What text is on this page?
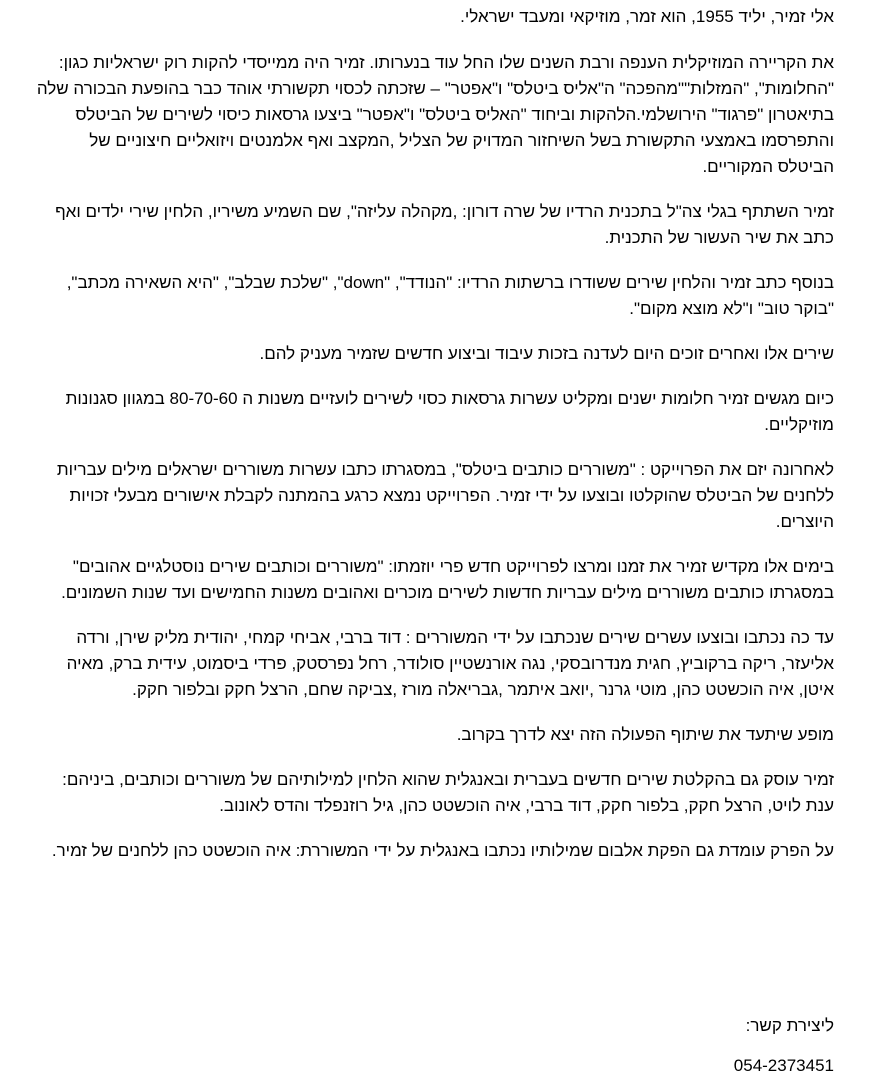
אלי זמיר, יליד 1955, הוא זמר, מוזיקאי ומעבד ישראלי.

את הקריירה המוזיקלית הענפה ורבת השנים שלו החל עוד בנערותו. זמיר היה ממייסדי להקות רוק ישראליות כגון: "החלומות", "המזלות""מהפכה" ה"אליס ביטלס" ו"אפטר" – שזכתה לכסוי תקשורתי אוהד כבר בהופעת הבכורה שלה בתיאטרון "פרגוד" הירושלמי.הלהקות וביחוד "האליס ביטלס" ו"אפטר" ביצעו גרסאות כיסוי לשירים של הביטלס והתפרסמו באמצעי התקשורת בשל השיחזור המדויק של הצליל ,המקצב ואף אלמנטים ויזואליים חיצוניים של הביטלס המקוריים.

זמיר השתתף בגלי צה"ל בתכנית הרדיו של שרה דורון: ,מקהלה עליזה", שם השמיע משיריו, הלחין שירי ילדים ואף כתב את שיר העשור של התכנית.

בנוסף כתב זמיר והלחין שירים ששודרו ברשתות הרדיו: "הנודד", "down", "שלכת שבלב", "היא השאירה מכתב", "בוקר טוב" ו"לא מוצא מקום".

שירים אלו ואחרים זוכים היום לעדנה בזכות עיבוד וביצוע חדשים שזמיר מעניק להם.

כיום מגשים זמיר חלומות ישנים ומקליט עשרות גרסאות כסוי לשירים לועזיים משנות ה 80-70-60 במגוון סגנונות מוזיקליים.

לאחרונה יזם את הפרוייקט : "משוררים כותבים ביטלס", במסגרתו כתבו עשרות משוררים ישראלים מילים עבריות ללחנים של הביטלס שהוקלטו ובוצעו על ידי זמיר. הפרוייקט נמצא כרגע בהמתנה לקבלת אישורים מבעלי זכויות היוצרים.

בימים אלו מקדיש זמיר את זמנו ומרצו לפרוייקט חדש פרי יוזמתו: "משוררים וכותבים שירים נוסטלגיים אהובים" במסגרתו כותבים משוררים מילים עבריות חדשות לשירים מוכרים ואהובים משנות החמישים ועד שנות השמונים.

עד כה נכתבו ובוצעו עשרים שירים שנכתבו על ידי המשוררים : דוד ברבי, אביחי קמחי, יהודית מליק שירן, ורדה אליעזר, ריקה ברקוביץ, חגית מנדרובסקי, נגה אורנשטיין סולודר, רחל נפרסטק, פרדי ביסמוט, עידית ברק, מאיה איטן, איה הוכשטט כהן, מוטי גרנר ,יואב איתמר ,גבריאלה מורז ,צביקה שחם, הרצל חקק ובלפור חקק.

מופע שיתעד את שיתוף הפעולה הזה יצא לדרך בקרוב.

זמיר עוסק גם בהקלטת שירים חדשים בעברית ובאנגלית שהוא הלחין למילותיהם של משוררים וכותבים, ביניהם: ענת לויט, הרצל חקק, בלפור חקק, דוד ברבי, איה הוכשטט כהן, גיל רוזנפלד והדס לאונוב.

על הפרק עומדת גם הפקת אלבום שמילותיו נכתבו באנגלית על ידי המשוררת: איה הוכשטט כהן ללחנים של זמיר.

ליצירת קשר:
054-2373451
